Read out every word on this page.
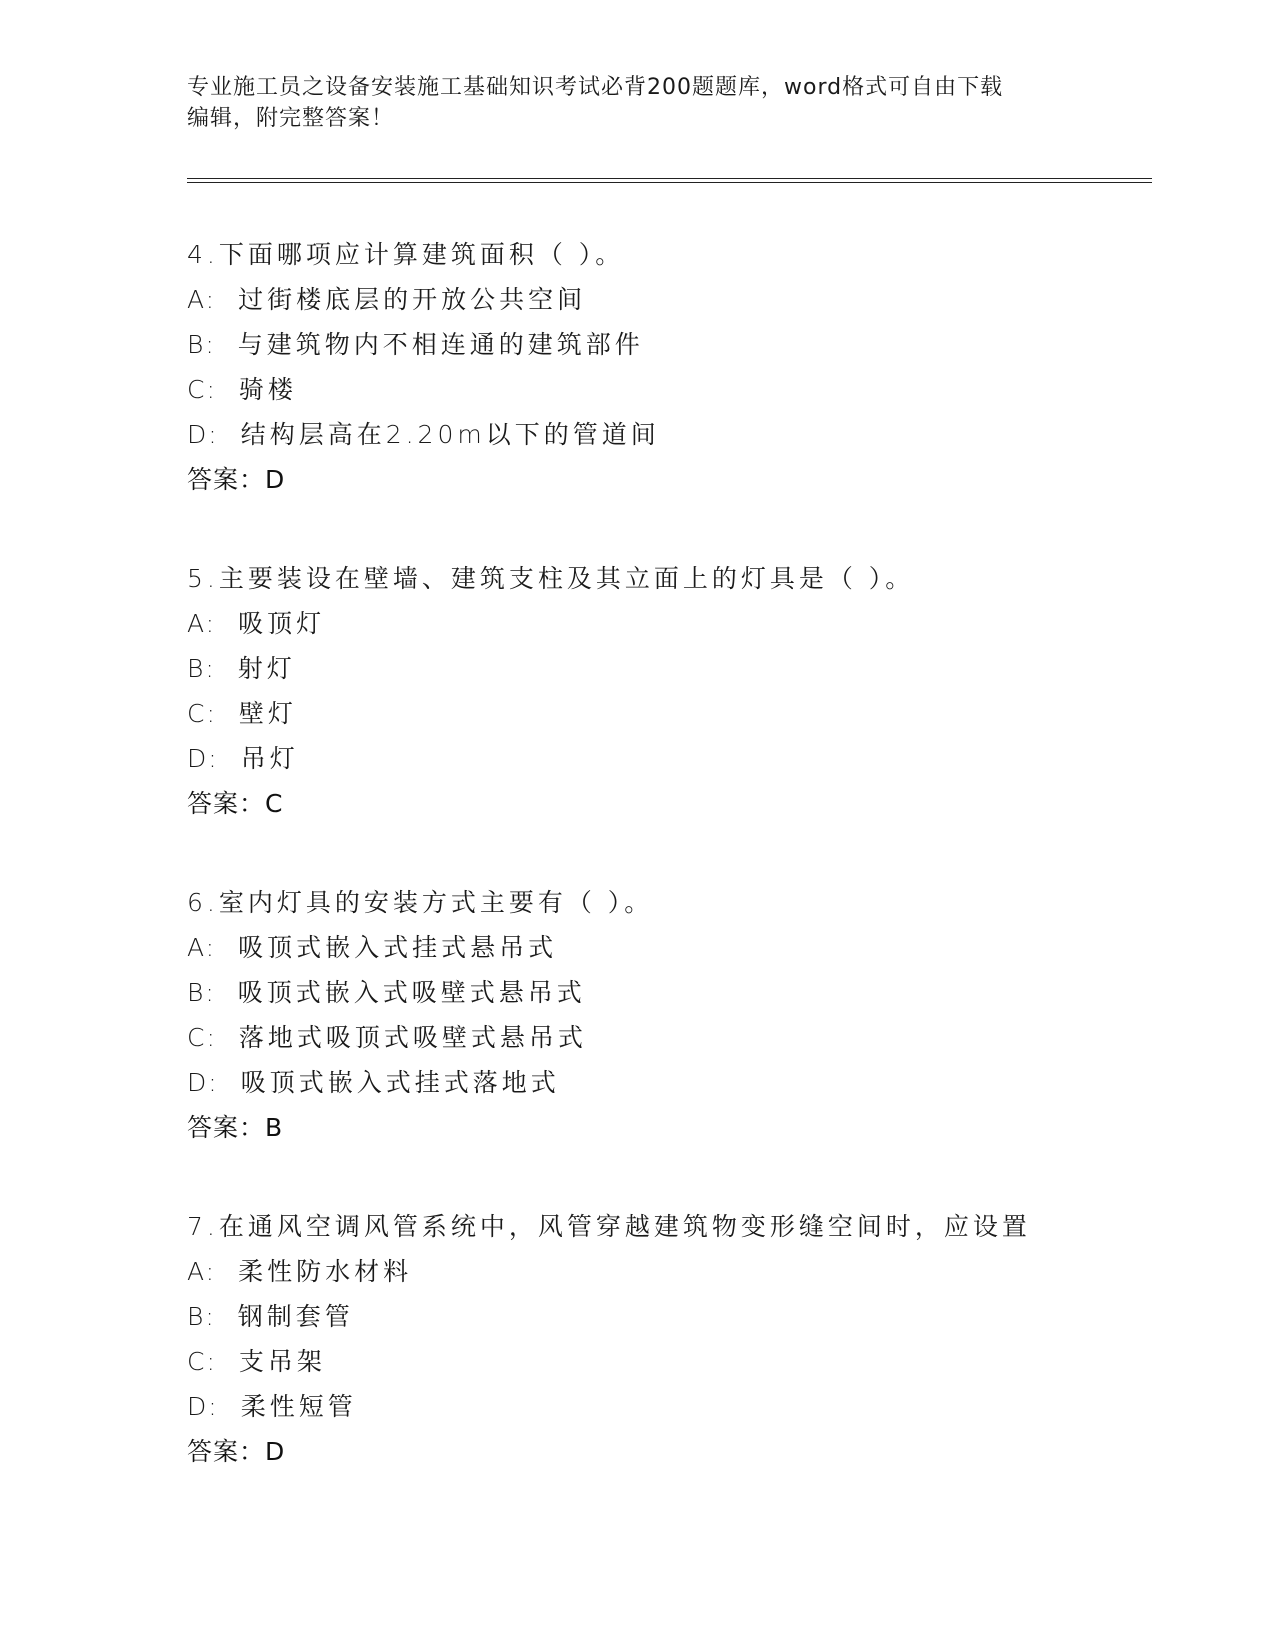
专业施工员之设备安装施工基础知识考试必背200题题库，word格式可自由下载
编辑，附完整答案！
4.下面哪项应计算建筑面积（ ）。
A: 过街楼底层的开放公共空间
B: 与建筑物内不相连通的建筑部件
C: 骑楼
D: 结构层高在2.20m以下的管道间
答案：D
5.主要装设在壁墙、建筑支柱及其立面上的灯具是（ ）。
A: 吸顶灯
B: 射灯
C: 壁灯
D: 吊灯
答案：C
6.室内灯具的安装方式主要有（ ）。
A: 吸顶式嵌入式挂式悬吊式
B: 吸顶式嵌入式吸壁式悬吊式
C: 落地式吸顶式吸壁式悬吊式
D: 吸顶式嵌入式挂式落地式
答案：B
7.在通风空调风管系统中，风管穿越建筑物变形缝空间时，应设置
A: 柔性防水材料
B: 钢制套管
C: 支吊架
D: 柔性短管
答案：D
